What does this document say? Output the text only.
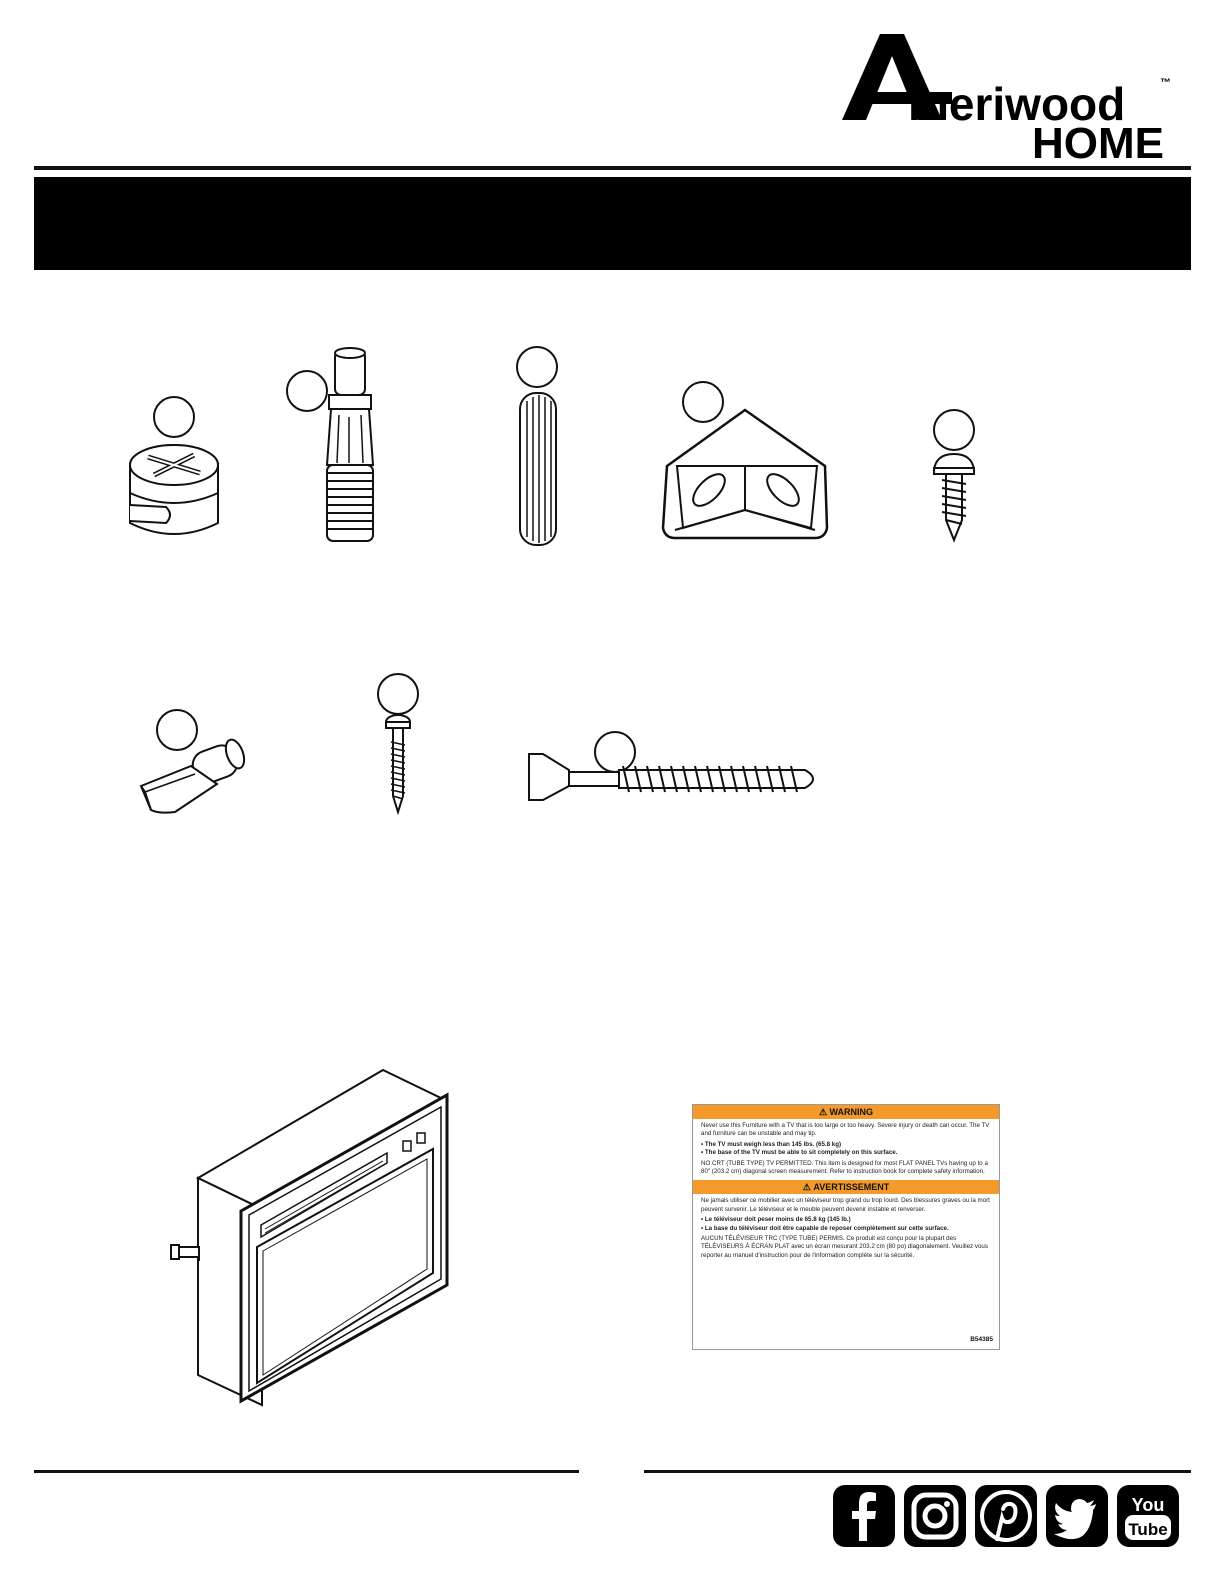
meriwood	™
HOME
⚠ WARNING

Never use this Furniture with a TV that is too large or too heavy. Severe injury or death can occur. The TV and furniture can be unstable and may tip.

• The TV must weigh less than 145 lbs. (65.8 kg)

• The base of the TV must be able to sit completely on this surface.

NO CRT (TUBE TYPE) TV PERMITTED. This item is designed for most FLAT PANEL TVs having up to a 80" (203.2 cm) diagonal screen measurement. Refer to instruction book for complete safety information.

⚠ AVERTISSEMENT

Ne jamais utiliser ce mobilier avec un téléviseur trop grand ou trop lourd. Des blessures graves ou la mort peuvent survenir. Le téléviseur et le meuble peuvent devenir instable et renverser.

• Le téléviseur doit peser moins de 65.8 kg (145 lb.)

• La base du téléviseur doit être capable de reposer complètement sur cette surface.

AUCUN TÉLÉVISEUR TRC (TYPE TUBE) PERMIS. Ce produit est conçu pour la plupart des TÉLÉVISEURS À ÉCRAN PLAT avec un écran mesurant 203.2 cm (80 po) diagonalement. Veuillez vous reporter au manuel d'instruction pour de l'information complète sur la sécurité.

B54385
You
Tube
